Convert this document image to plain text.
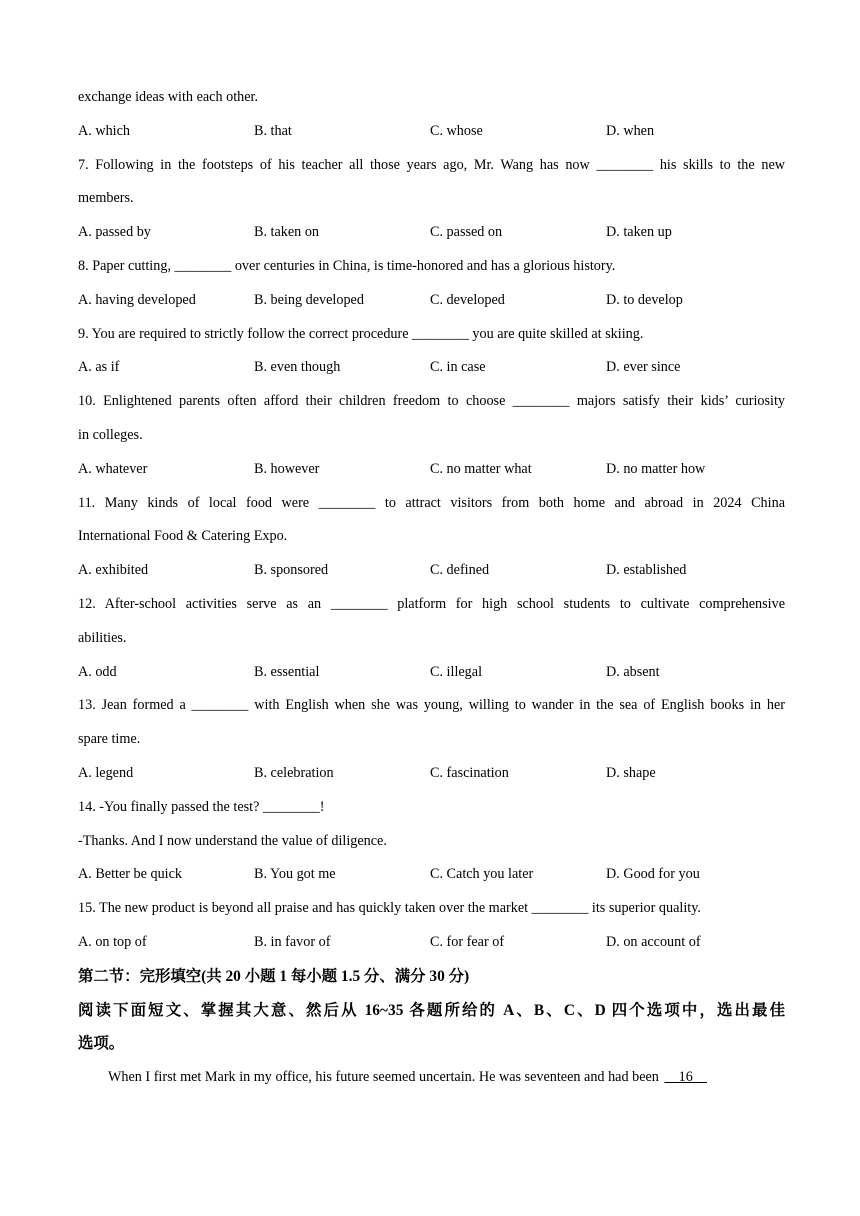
exchange ideas with each other.
A. which	B. that	C. whose	D. when
7. Following in the footsteps of his teacher all those years ago, Mr. Wang has now ________ his skills to the new
members.
A. passed by	B. taken on	C. passed on	D. taken up
8. Paper cutting, ________ over centuries in China, is time-honored and has a glorious history.
A. having developed	B. being developed	C. developed	D. to develop
9. You are required to strictly follow the correct procedure ________ you are quite skilled at skiing.
A. as if	B. even though	C. in case	D. ever since
10. Enlightened parents often afford their children freedom to choose ________ majors satisfy their kids’ curiosity
in colleges.
A. whatever	B. however	C. no matter what	D. no matter how
11. Many kinds of local food were ________ to attract visitors from both home and abroad in 2024 China
International Food & Catering Expo.
A. exhibited	B. sponsored	C. defined	D. established
12. After-school activities serve as an ________ platform for high school students to cultivate comprehensive
abilities.
A. odd	B. essential	C. illegal	D. absent
13. Jean formed a ________ with English when she was young, willing to wander in the sea of English books in her
spare time.
A. legend	B. celebration	C. fascination	D. shape
14. -You finally passed the test? ________!
-Thanks. And I now understand the value of diligence.
A. Better be quick	B. You got me	C. Catch you later	D. Good for you
15. The new product is beyond all praise and has quickly taken over the market ________ its superior quality.
A. on top of	B. in favor of	C. for fear of	D. on account of
第二节：完形填空(共 20 小题 1 每小题 1.5 分、满分 30 分)
阅读下面短文、掌握其大意、然后从 16~35 各题所给的 A、B、C、D 四个选项中，选出最佳
选项。
When I first met Mark in my office, his future seemed uncertain. He was seventeen and had been     16
